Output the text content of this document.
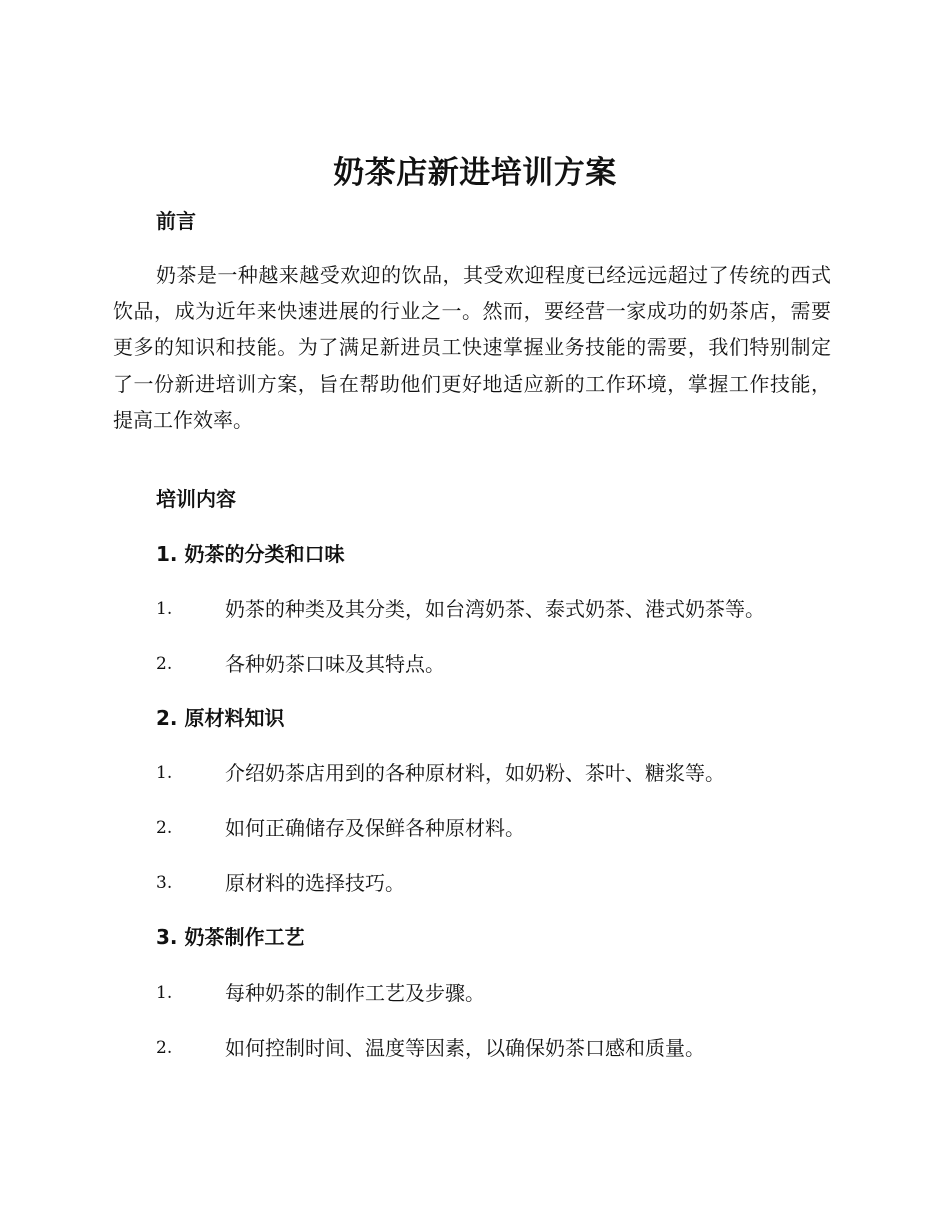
奶茶店新进培训方案
前言

奶茶是一种越来越受欢迎的饮品，其受欢迎程度已经远远超过了传统的西式饮品，成为近年来快速进展的行业之一。然而，要经营一家成功的奶茶店，需要更多的知识和技能。为了满足新进员工快速掌握业务技能的需要，我们特别制定了一份新进培训方案，旨在帮助他们更好地适应新的工作环境，掌握工作技能，提高工作效率。

培训内容
1. 奶茶的分类和口味
1.	奶茶的种类及其分类，如台湾奶茶、泰式奶茶、港式奶茶等。
2.	各种奶茶口味及其特点。
2. 原材料知识
1.	介绍奶茶店用到的各种原材料，如奶粉、茶叶、糖浆等。
2.	如何正确储存及保鲜各种原材料。
3.	原材料的选择技巧。
3. 奶茶制作工艺
1.	每种奶茶的制作工艺及步骤。
2.	如何控制时间、温度等因素，以确保奶茶口感和质量。
